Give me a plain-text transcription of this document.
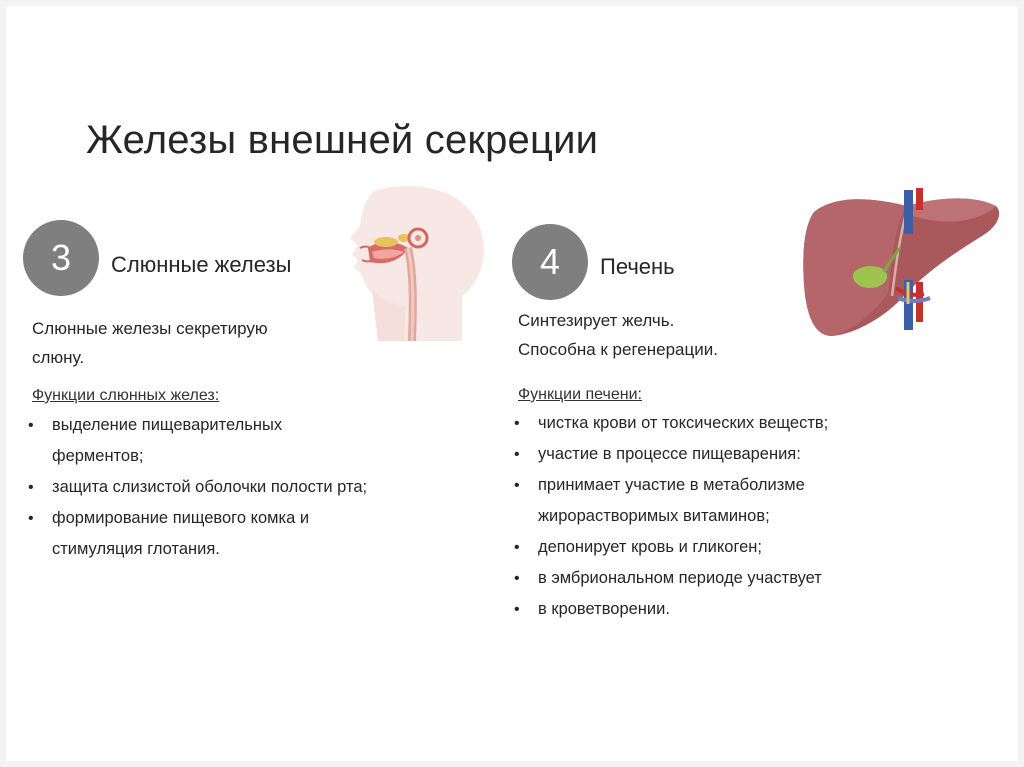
Железы внешней секреции
3	Слюнные железы
Слюнные железы секретирую
слюну.
Функции слюнных желез:
• выделение пищеварительных ферментов;
• защита слизистой оболочки полости рта;
• формирование пищевого комка и стимуляция глотания.
4	Печень
Синтезирует желчь.
Способна к регенерации.
Функции печени:
• чистка крови от токсических веществ;
• участие в процессе пищеварения:
• принимает участие в метаболизме жирорастворимых витаминов;
• депонирует кровь и гликоген;
• в эмбриональном периоде участвует
• в кроветворении.
